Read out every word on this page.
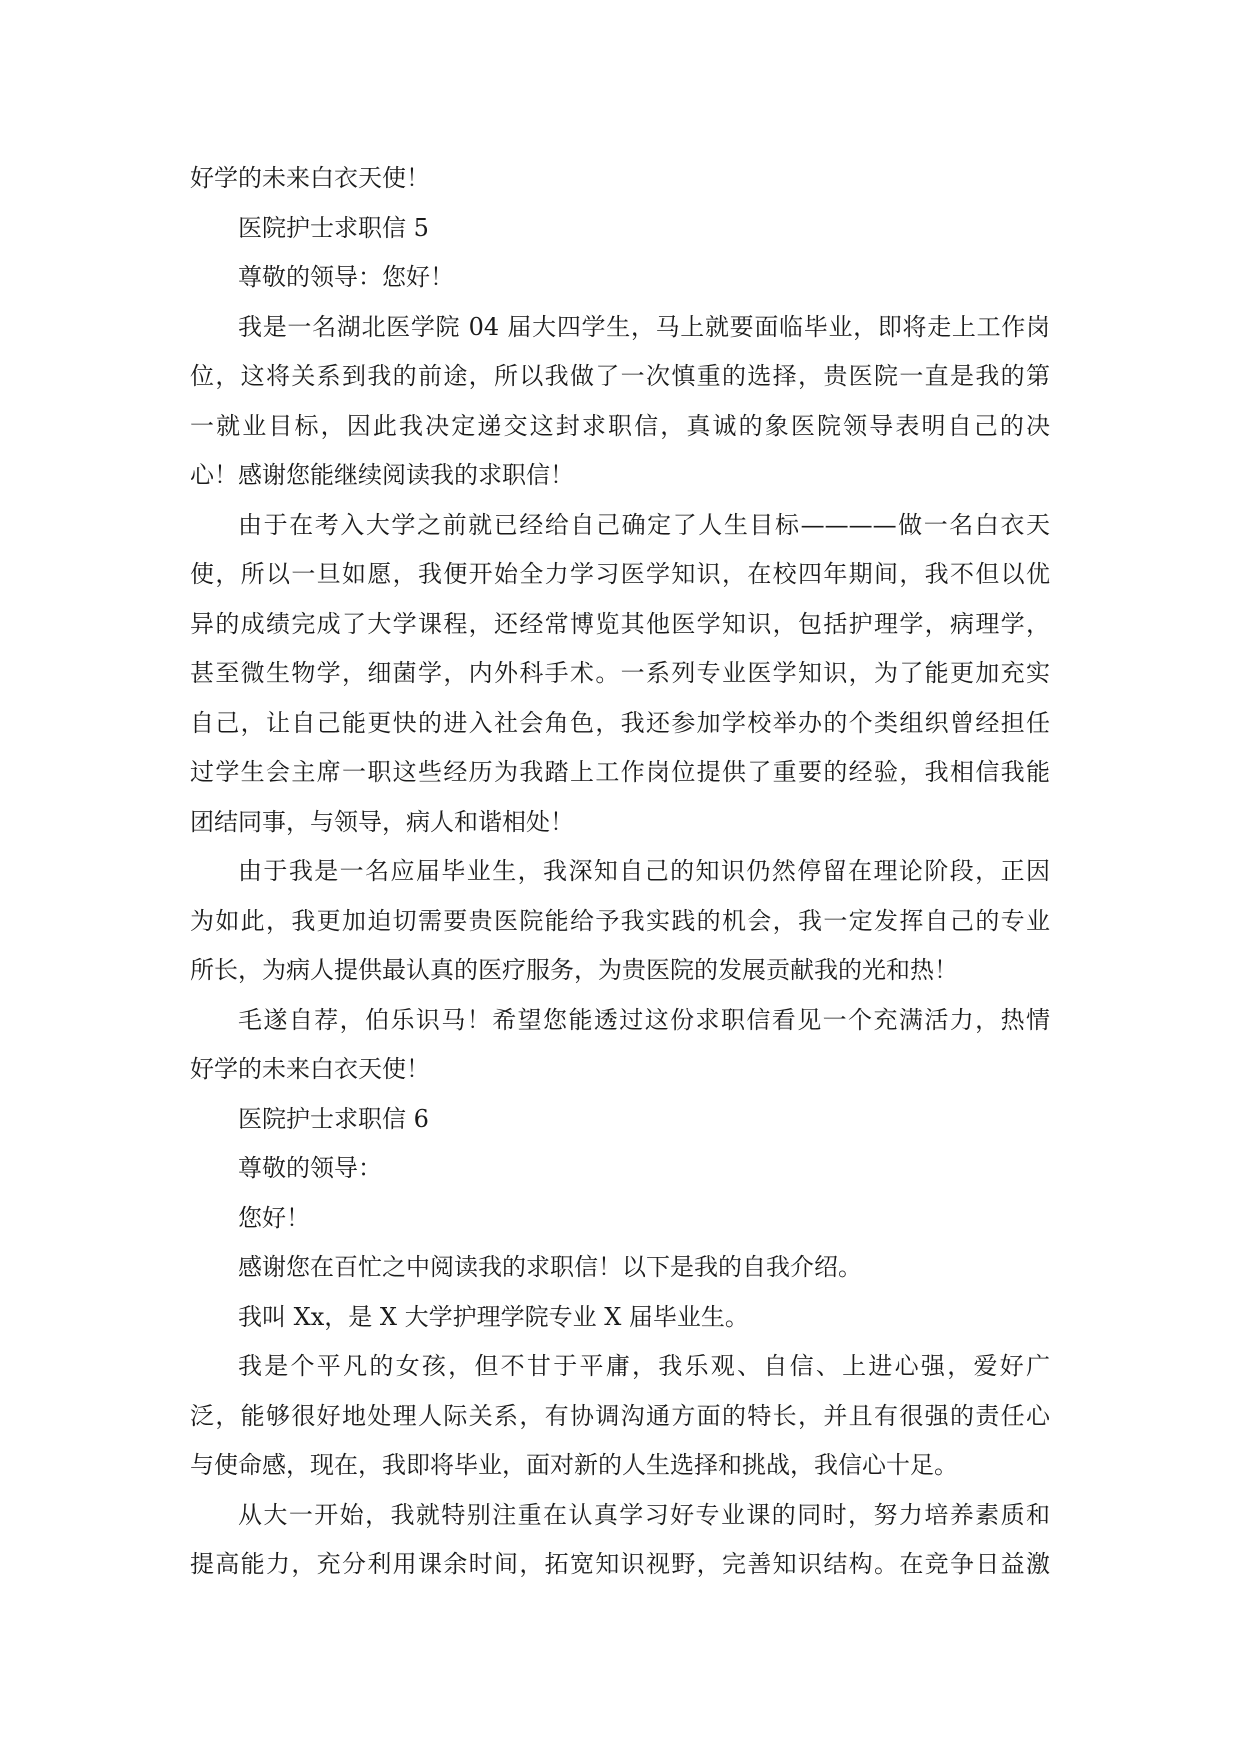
好学的未来白衣天使！
医院护士求职信 5
尊敬的领导：您好！
我是一名湖北医学院 04 届大四学生，马上就要面临毕业，即将走上工作岗
位，这将关系到我的前途，所以我做了一次慎重的选择，贵医院一直是我的第
一就业目标，因此我决定递交这封求职信，真诚的象医院领导表明自己的决
心！感谢您能继续阅读我的求职信！
由于在考入大学之前就已经给自己确定了人生目标————做一名白衣天
使，所以一旦如愿，我便开始全力学习医学知识，在校四年期间，我不但以优
异的成绩完成了大学课程，还经常博览其他医学知识，包括护理学，病理学，
甚至微生物学，细菌学，内外科手术。一系列专业医学知识，为了能更加充实
自己，让自己能更快的进入社会角色，我还参加学校举办的个类组织曾经担任
过学生会主席一职这些经历为我踏上工作岗位提供了重要的经验，我相信我能
团结同事，与领导，病人和谐相处！
由于我是一名应届毕业生，我深知自己的知识仍然停留在理论阶段，正因
为如此，我更加迫切需要贵医院能给予我实践的机会，我一定发挥自己的专业
所长，为病人提供最认真的医疗服务，为贵医院的发展贡献我的光和热！
毛遂自荐，伯乐识马！希望您能透过这份求职信看见一个充满活力，热情
好学的未来白衣天使！
医院护士求职信 6
尊敬的领导：
您好！
感谢您在百忙之中阅读我的求职信！以下是我的自我介绍。
我叫 Xx，是 X 大学护理学院专业 X 届毕业生。
我是个平凡的女孩，但不甘于平庸，我乐观、自信、上进心强，爱好广
泛，能够很好地处理人际关系，有协调沟通方面的特长，并且有很强的责任心
与使命感，现在，我即将毕业，面对新的人生选择和挑战，我信心十足。
从大一开始，我就特别注重在认真学习好专业课的同时，努力培养素质和
提高能力，充分利用课余时间，拓宽知识视野，完善知识结构。在竞争日益激
